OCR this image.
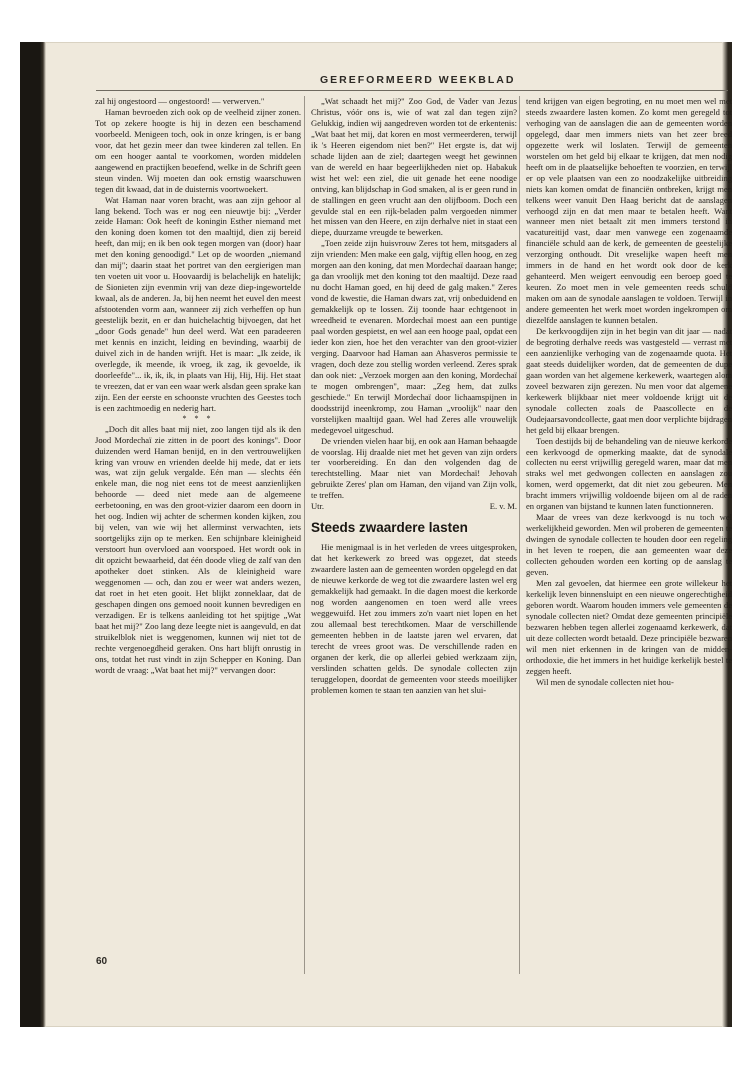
GEREFORMEERD WEEKBLAD

zal hij ongestoord — ongestoord! — verwerven."

Haman bevroeden zich ook op de veelheid zijner zonen. Tot op zekere hoogte is hij in dezen een beschamend voorbeeld. Menigeen toch, ook in onze kringen, is er bang voor, dat het gezin meer dan twee kinderen zal tellen. En om een hooger aantal te voorkomen, worden middelen aangewend en practijken beoefend, welke in de Schrift geen steun vinden. Wij moeten dan ook ernstig waarschuwen tegen dit kwaad, dat in de duisternis voortwoekert.

Wat Haman naar voren bracht, was aan zijn gehoor al lang bekend. Toch was er nog een nieuwtje bij: „Verder zeide Haman: Ook heeft de koningin Esther niemand met den koning doen komen tot den maaltijd, dien zij bereid heeft, dan mij; en ik ben ook tegen morgen van (door) haar met den koning genoodigd." Let op de woorden „niemand dan mij"; daarin staat het portret van den eergierigen man ten voeten uit voor u. Hoovaardij is belachelijk en hatelijk; de Sionieten zijn evenmin vrij van deze diep-ingewortelde kwaal, als de anderen. Ja, bij hen neemt het euvel den meest afstootenden vorm aan, wanneer zij zich verheffen op hun geestelijk bezit, en er dan huichelachtig bijvoegen, dat het „door Gods genade" hun deel werd. Wat een paradeeren met kennis en inzicht, leiding en bevinding, waarbij de duivel zich in de handen wrijft. Het is maar: „Ik zeide, ik overlegde, ik meende, ik vroeg, ik zag, ik gevoelde, ik doorleefde"... ik, ik, ik, in plaats van Hij, Hij, Hij. Het staat te vreezen, dat er van een waar werk alsdan geen sprake kan zijn. Een der eerste en schoonste vruchten des Geestes toch is een zachtmoedig en nederig hart.

* * *

„Doch dit alles baat mij niet, zoo langen tijd als ik den Jood Mordechaï zie zitten in de poort des konings". Door duizenden werd Haman benijd, en in den vertrouwelijken kring van vrouw en vrienden deelde hij mede, dat er iets was, wat zijn geluk vergalde. Eén man — slechts één enkele man, die nog niet eens tot de meest aanzienlijken behoorde — deed niet mede aan de algemeene eerbetooning, en was den groot-vizier daarom een doorn in het oog. Indien wij achter de schermen konden kijken, zou bij velen, van wie wij het allerminst verwachten, iets soortgelijks zijn op te merken. Een schijnbare kleinigheid verstoort hun overvloed aan voorspoed. Het wordt ook in dit opzicht bewaarheid, dat één doode vlieg de zalf van den apotheker doet stinken. Als de kleinigheid ware weggenomen — och, dan zou er weer wat anders wezen, dat roet in het eten gooit. Het blijkt zonneklaar, dat de geschapen dingen ons gemoed nooit kunnen bevredigen en verzadigen. Er is telkens aanleiding tot het spijtige „Wat baat het mij?" Zoo lang deze leegte niet is aangevuld, en dat struikelblok niet is weggenomen, kunnen wij niet tot de rechte vergenoegdheid geraken. Ons hart blijft onrustig in ons, totdat het rust vindt in zijn Schepper en Koning. Dan wordt de vraag: „Wat baat het mij?" vervangen door:

„Wat schaadt het mij?" Zoo God, de Vader van Jezus Christus, vóór ons is, wie of wat zal dan tegen zijn? Gelukkig, indien wij aangedreven worden tot de erkentenis: „Wat baat het mij, dat koren en most vermeerderen, terwijl ik 's Heeren eigendom niet ben?" Het ergste is, dat wij schade lijden aan de ziel; daartegen weegt het gewinnen van de wereld en haar begeerlijkheden niet op. Habakuk wist het wel: een ziel, die uit genade het eene noodige ontving, kan blijdschap in God smaken, al is er geen rund in de stallingen en geen vrucht aan den olijfboom. Doch een gevulde stal en een rijk-beladen palm vergoeden nimmer het missen van den Heere, en zijn derhalve niet in staat een diepe, duurzame vreugde te bewerken.

„Toen zeide zijn huisvrouw Zeres tot hem, mitsgaders al zijn vrienden: Men make een galg, vijftig ellen hoog, en zeg morgen aan den koning, dat men Mordechaï daaraan hange; ga dan vroolijk met den koning tot den maaltijd. Deze raad nu docht Haman goed, en hij deed de galg maken." Zeres vond de kwestie, die Haman dwars zat, vrij onbeduidend en gemakkelijk op te lossen. Zij toonde haar echtgenoot in wreedheid te evenaren. Mordechaï moest aan een puntige paal worden gespietst, en wel aan een hooge paal, opdat een ieder kon zien, hoe het den verachter van den groot-vizier verging. Daarvoor had Haman aan Ahasveros permissie te vragen, doch deze zou stellig worden verleend. Zeres sprak dan ook niet: „Verzoek morgen aan den koning, Mordechaï te mogen ombrengen", maar: „Zeg hem, dat zulks geschiede." En terwijl Mordechaï door lichaamspijnen in doodsstrijd ineenkromp, zou Haman „vroolijk" naar den vorstelijken maaltijd gaan. Wel had Zeres alle vrouwelijk medegevoel uitgeschud.

De vrienden vielen haar bij, en ook aan Haman behaagde de voorslag. Hij draalde niet met het geven van zijn orders ter voorbereiding. En dan den volgenden dag de terechtstelling. Maar niet van Mordechaï! Jehovah gebruikte Zeres' plan om Haman, den vijand van Zijn volk, te treffen.

Utr.	E. v. M.
Steeds zwaardere lasten

Hie menigmaal is in het verleden de vrees uitgesproken, dat het kerkewerk zo breed was opgezet, dat steeds zwaardere lasten aan de gemeenten worden opgelegd en dat de nieuwe kerkorde de weg tot die zwaardere lasten wel erg gemakkelijk had gemaakt. In die dagen moest die kerkorde nog worden aangenomen en toen werd alle vrees weggewuifd. Het zou immers zo'n vaart niet lopen en het zou allemaal best terechtkomen. Maar de verschillende gemeenten hebben in de laatste jaren wel ervaren, dat terecht de vrees groot was. De verschillende raden en organen der kerk, die op allerlei gebied werkzaam zijn, verslinden schatten gelds. De synodale collecten zijn teruggelopen, doordat de gemeenten voor steeds moeilijker problemen komen te staan ten aanzien van het slui-

tend krijgen van eigen begroting, en nu moet men wel met steeds zwaardere lasten komen. Zo komt men geregeld tot verhoging van de aanslagen die aan de gemeenten worden opgelegd, daar men immers niets van het zeer breed opgezette werk wil loslaten. Terwijl de gemeenten worstelen om het geld bij elkaar te krijgen, dat men nodig heeft om in de plaatselijke behoeften te voorzien, en terwijl er op vele plaatsen van een zo noodzakelijke uitbreiding niets kan komen omdat de financiën ontbreken, krijgt men telkens weer vanuit Den Haag bericht dat de aanslagen verhoogd zijn en dat men maar te betalen heeft. Want wanneer men niet betaalt zit men immers terstond in vacatureitijd vast, daar men vanwege een zogenaamde financiële schuld aan de kerk, de gemeenten de geestelijke verzorging onthoudt. Dit vreselijke wapen heeft men immers in de hand en het wordt ook door de kerk gehanteerd. Men weigert eenvoudig een beroep goed te keuren. Zo moet men in vele gemeenten reeds schuld maken om aan de synodale aanslagen te voldoen. Terwijl in andere gemeenten het werk moet worden ingekrompen om diezelfde aanslagen te kunnen betalen.

De kerkvoogdijen zijn in het begin van dit jaar — nadat de begroting derhalve reeds was vastgesteld — verrast met een aanzienlijke verhoging van de zogenaamde quota. Het gaat steeds duidelijker worden, dat de gemeenten de dupe gaan worden van het algemene kerkewerk, waartegen alom zoveel bezwaren zijn gerezen. Nu men voor dat algemene kerkewerk blijkbaar niet meer voldoende krijgt uit de synodale collecten zoals de Paascollecte en de Oudejaarsavondcollecte, gaat men door verplichte bijdragen het geld bij elkaar brengen.

Toen destijds bij de behandeling van de nieuwe kerkorde een kerkvoogd de opmerking maakte, dat de synodale collecten nu eerst vrijwillig geregeld waren, maar dat men straks wel met gedwongen collecten en aanslagen zou komen, werd opgemerkt, dat dit niet zou gebeuren. Men bracht immers vrijwillig voldoende bijeen om al de raden en organen van bijstand te kunnen laten functionneren.

Maar de vrees van deze kerkvoogd is nu toch wel werkelijkheid geworden. Men wil proberen de gemeenten te dwingen de synodale collecten te houden door een regeling in het leven te roepen, die aan gemeenten waar deze collecten gehouden worden een korting op de aanslag te geven.

Men zal gevoelen, dat hiermee een grote willekeur het kerkelijk leven binnensluipt en een nieuwe ongerechtigheid geboren wordt. Waarom houden immers vele gemeenten de synodale collecten niet? Omdat deze gemeenten principiële bezwaren hebben tegen allerlei zogenaamd kerkewerk, dat uit deze collecten wordt betaald. Deze principiële bezwaren wil men niet erkennen in de kringen van de midden-orthodoxie, die het immers in het huidige kerkelijk bestel te zeggen heeft.

Wil men de synodale collecten niet hou-

60
